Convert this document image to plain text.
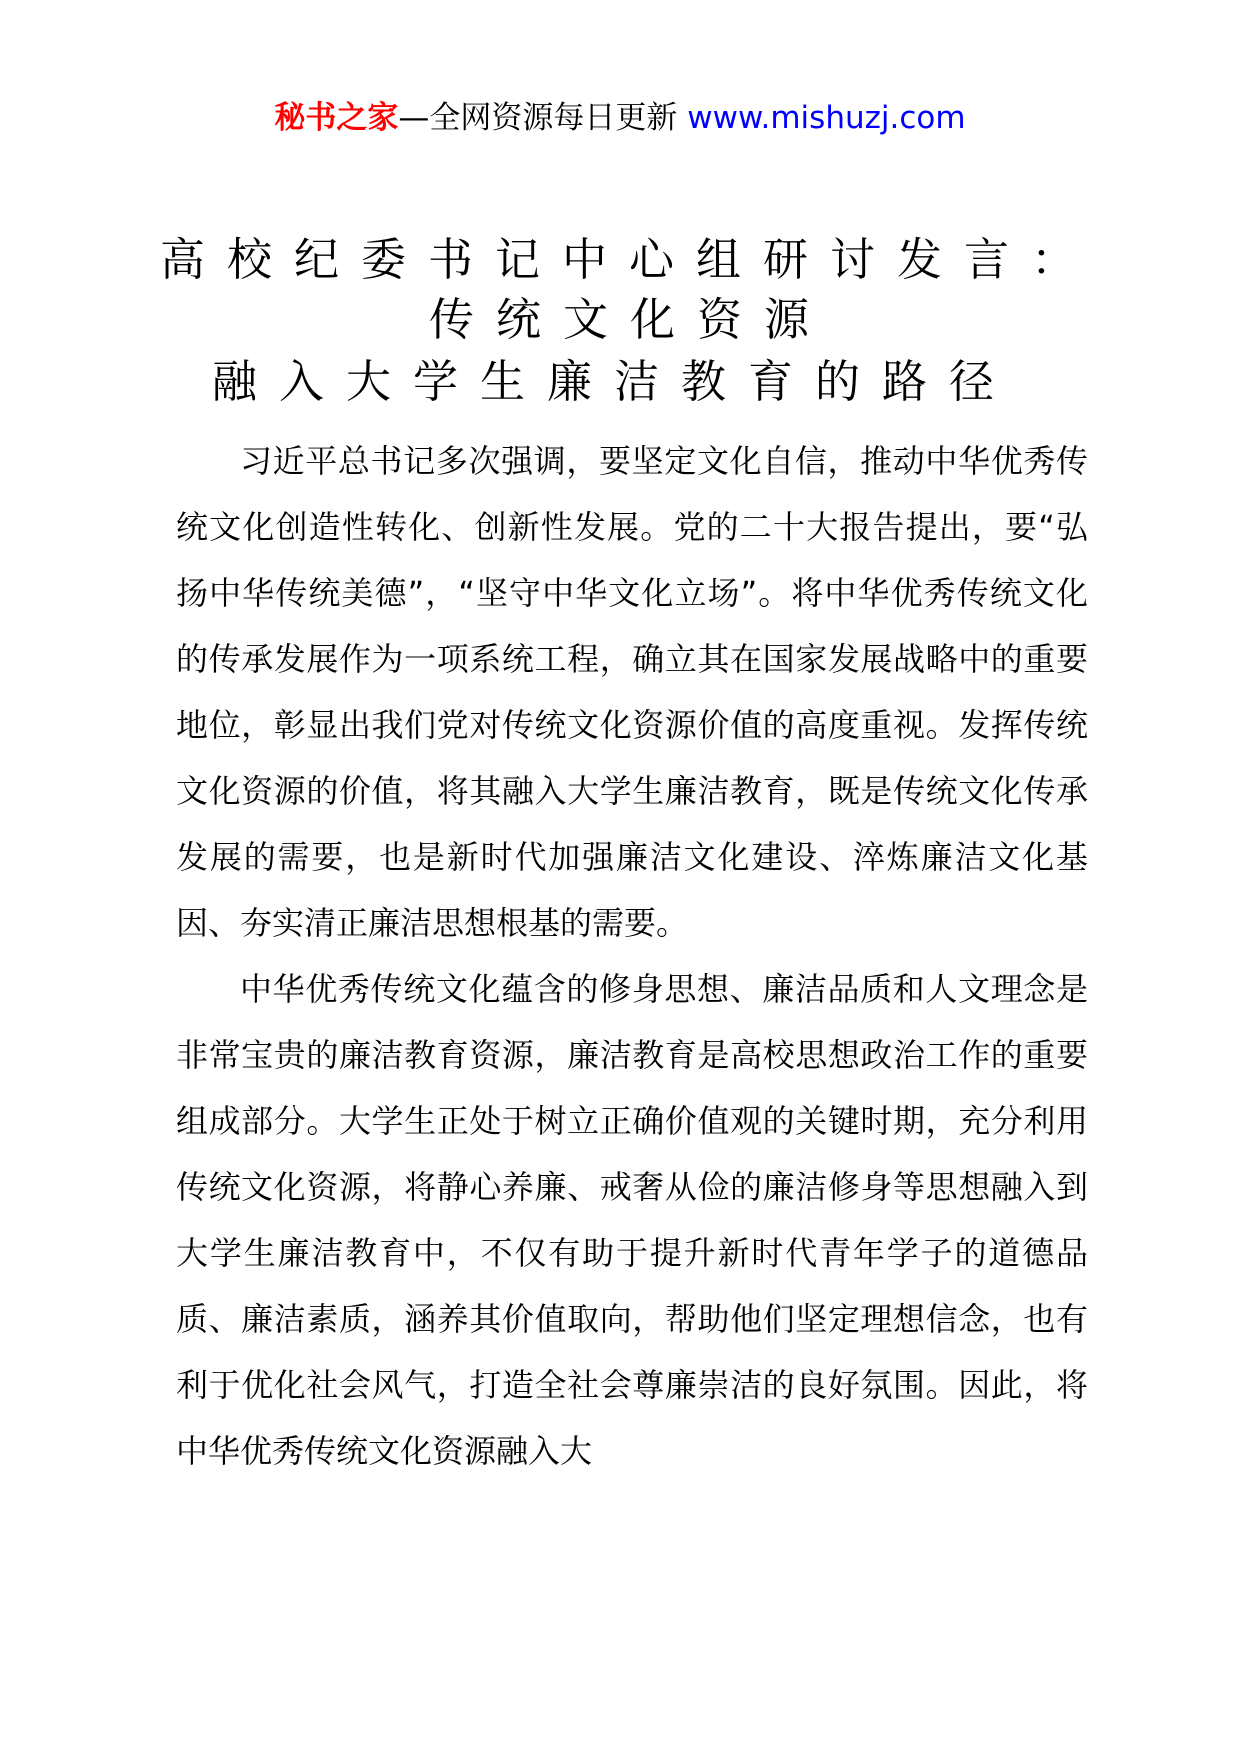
秘书之家—全网资源每日更新 www.mishuzj.com
高校纪委书记中心组研讨发言：
传统文化资源
融入大学生廉洁教育的路径

习近平总书记多次强调，要坚定文化自信，推动中华优秀传统文化创造性转化、创新性发展。党的二十大报告提出，要“弘扬中华传统美德”，“坚守中华文化立场”。将中华优秀传统文化的传承发展作为一项系统工程，确立其在国家发展战略中的重要地位，彰显出我们党对传统文化资源价值的高度重视。发挥传统文化资源的价值，将其融入大学生廉洁教育，既是传统文化传承发展的需要，也是新时代加强廉洁文化建设、淬炼廉洁文化基因、夯实清正廉洁思想根基的需要。

中华优秀传统文化蕴含的修身思想、廉洁品质和人文理念是非常宝贵的廉洁教育资源，廉洁教育是高校思想政治工作的重要组成部分。大学生正处于树立正确价值观的关键时期，充分利用传统文化资源，将静心养廉、戒奢从俭的廉洁修身等思想融入到大学生廉洁教育中，不仅有助于提升新时代青年学子的道德品质、廉洁素质，涵养其价值取向，帮助他们坚定理想信念，也有利于优化社会风气，打造全社会尊廉崇洁的良好氛围。因此，将中华优秀传统文化资源融入大
